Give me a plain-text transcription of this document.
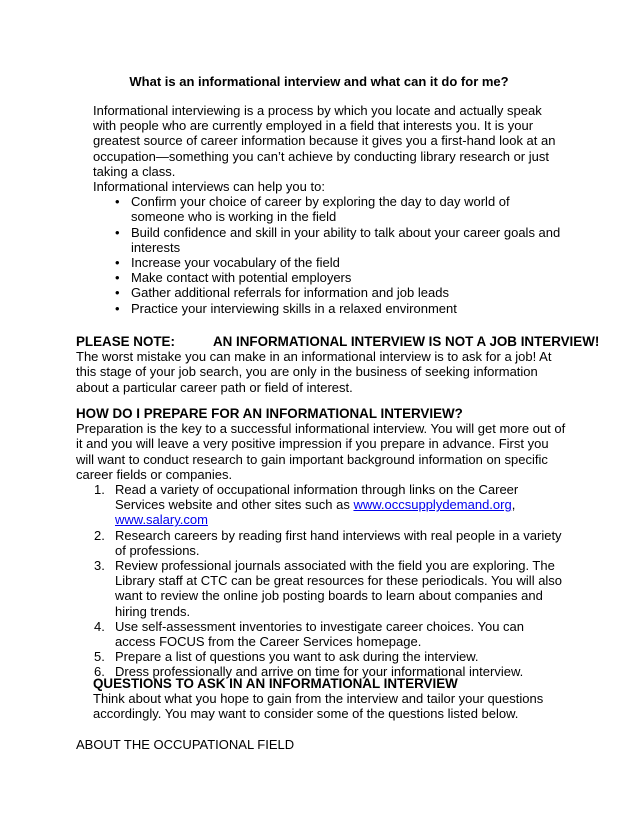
What is an informational interview and what can it do for me?

Informational interviewing is a process by which you locate and actually speak with people who are currently employed in a field that interests you. It is your greatest source of career information because it gives you a first-hand look at an occupation—something you can’t achieve by conducting library research or just taking a class.

Informational interviews can help you to:

• Confirm your choice of career by exploring the day to day world of someone who is working in the field
• Build confidence and skill in your ability to talk about your career goals and interests
• Increase your vocabulary of the field
• Make contact with potential employers
• Gather additional referrals for information and job leads
• Practice your interviewing skills in a relaxed environment
PLEASE NOTE:	AN INFORMATIONAL INTERVIEW IS NOT A JOB INTERVIEW!

The worst mistake you can make in an informational interview is to ask for a job! At this stage of your job search, you are only in the business of seeking information about a particular career path or field of interest.

HOW DO I PREPARE FOR AN INFORMATIONAL INTERVIEW?

Preparation is the key to a successful informational interview. You will get more out of it and you will leave a very positive impression if you prepare in advance. First you will want to conduct research to gain important background information on specific career fields or companies.

1. Read a variety of occupational information through links on the Career Services website and other sites such as www.occsupplydemand.org, www.salary.com
2. Research careers by reading first hand interviews with real people in a variety of professions.
3. Review professional journals associated with the field you are exploring. The Library staff at CTC can be great resources for these periodicals. You will also want to review the online job posting boards to learn about companies and hiring trends.
4. Use self-assessment inventories to investigate career choices. You can access FOCUS from the Career Services homepage.
5. Prepare a list of questions you want to ask during the interview.
6. Dress professionally and arrive on time for your informational interview.
QUESTIONS TO ASK IN AN INFORMATIONAL INTERVIEW

Think about what you hope to gain from the interview and tailor your questions accordingly. You may want to consider some of the questions listed below.

ABOUT THE OCCUPATIONAL FIELD
